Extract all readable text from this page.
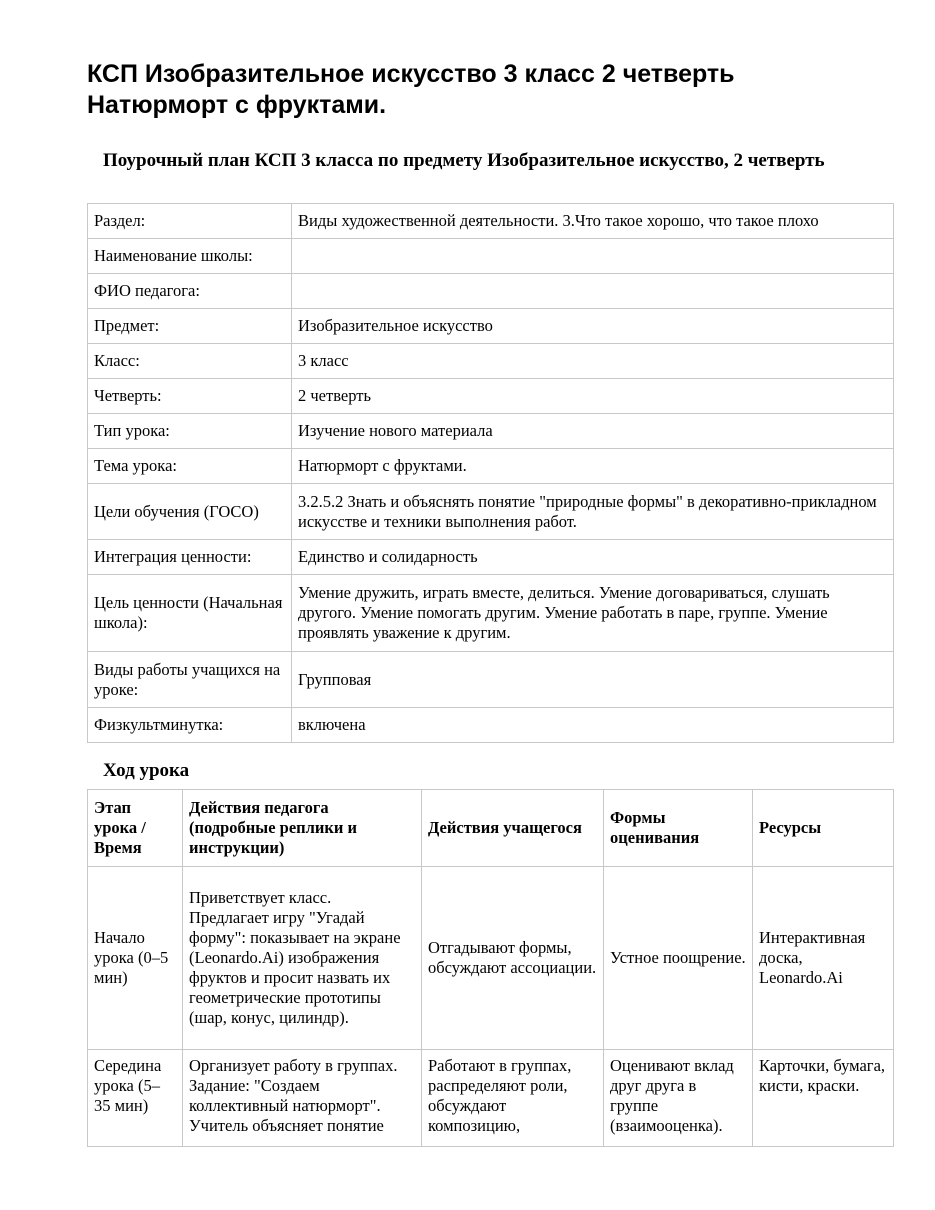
КСП Изобразительное искусство 3 класс 2 четверть
Натюрморт с фруктами.
Поурочный план КСП 3 класса по предмету Изобразительное искусство, 2 четверть
Раздел:	Виды художественной деятельности. 3.Что такое хорошо, что такое плохо
Наименование школы:	
ФИО педагога:	
Предмет:	Изобразительное искусство
Класс:	3 класс
Четверть:	2 четверть
Тип урока:	Изучение нового материала
Тема урока:	Натюрморт с фруктами.
Цели обучения (ГОСО)	3.2.5.2 Знать и объяснять понятие "природные формы" в декоративно-прикладном искусстве и техники выполнения работ.
Интеграция ценности:	Единство и солидарность
Цель ценности (Начальная школа):	Умение дружить, играть вместе, делиться. Умение договариваться, слушать другого. Умение помогать другим. Умение работать в паре, группе. Умение проявлять уважение к другим.
Виды работы учащихся на уроке:	Групповая
Физкультминутка:	включена
Ход урока
Этап урока / Время	Действия педагога (подробные реплики и инструкции)	Действия учащегося	Формы оценивания	Ресурсы
Начало урока (0–5 мин)	Приветствует класс. Предлагает игру "Угадай форму": показывает на экране (Leonardo.Ai) изображения фруктов и просит назвать их геометрические прототипы (шар, конус, цилиндр).	Отгадывают формы, обсуждают ассоциации.	Устное поощрение.	Интерактивная доска, Leonardo.Ai
Середина урока (5–35 мин)	Организует работу в группах. Задание: "Создаем коллективный натюрморт". Учитель объясняет понятие	Работают в группах, распределяют роли, обсуждают композицию,	Оценивают вклад друг друга в группе (взаимооценка).	Карточки, бумага, кисти, краски.
